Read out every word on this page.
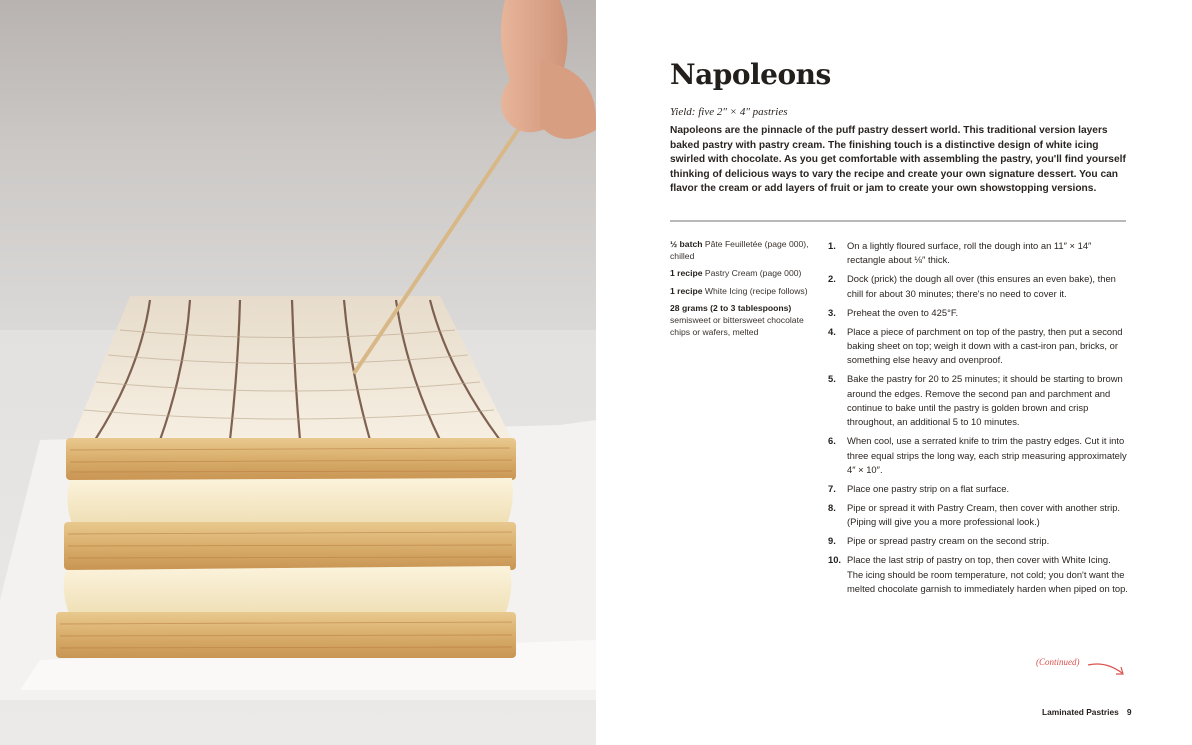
Napoleons
Yield: five 2″ × 4″ pastries

Napoleons are the pinnacle of the puff pastry dessert world. This traditional version layers baked pastry with pastry cream. The finishing touch is a distinctive design of white icing swirled with chocolate. As you get comfortable with assembling the pastry, you'll find yourself thinking of delicious ways to vary the recipe and create your own signature dessert. You can flavor the cream or add layers of fruit or jam to create your own showstopping versions.

½ batch Pâte Feuilletée (page 000), chilled
1 recipe Pastry Cream (page 000)
1 recipe White Icing (recipe follows)
28 grams (2 to 3 tablespoons)
semisweet or bittersweet chocolate chips or wafers, melted
1. On a lightly floured surface, roll the dough into an 11″ × 14″ rectangle about ⅛″ thick.
2. Dock (prick) the dough all over (this ensures an even bake), then chill for about 30 minutes; there's no need to cover it.
3. Preheat the oven to 425°F.
4. Place a piece of parchment on top of the pastry, then put a second baking sheet on top; weigh it down with a cast-iron pan, bricks, or something else heavy and ovenproof.
5. Bake the pastry for 20 to 25 minutes; it should be starting to brown around the edges. Remove the second pan and parchment and continue to bake until the pastry is golden brown and crisp throughout, an additional 5 to 10 minutes.
6. When cool, use a serrated knife to trim the pastry edges. Cut it into three equal strips the long way, each strip measuring approximately 4″ × 10″.
7. Place one pastry strip on a flat surface.
8. Pipe or spread it with Pastry Cream, then cover with another strip. (Piping will give you a more professional look.)
9. Pipe or spread pastry cream on the second strip.
10. Place the last strip of pastry on top, then cover with White Icing. The icing should be room temperature, not cold; you don't want the melted chocolate garnish to immediately harden when piped on top.
(Continued)
Laminated Pastries 9
